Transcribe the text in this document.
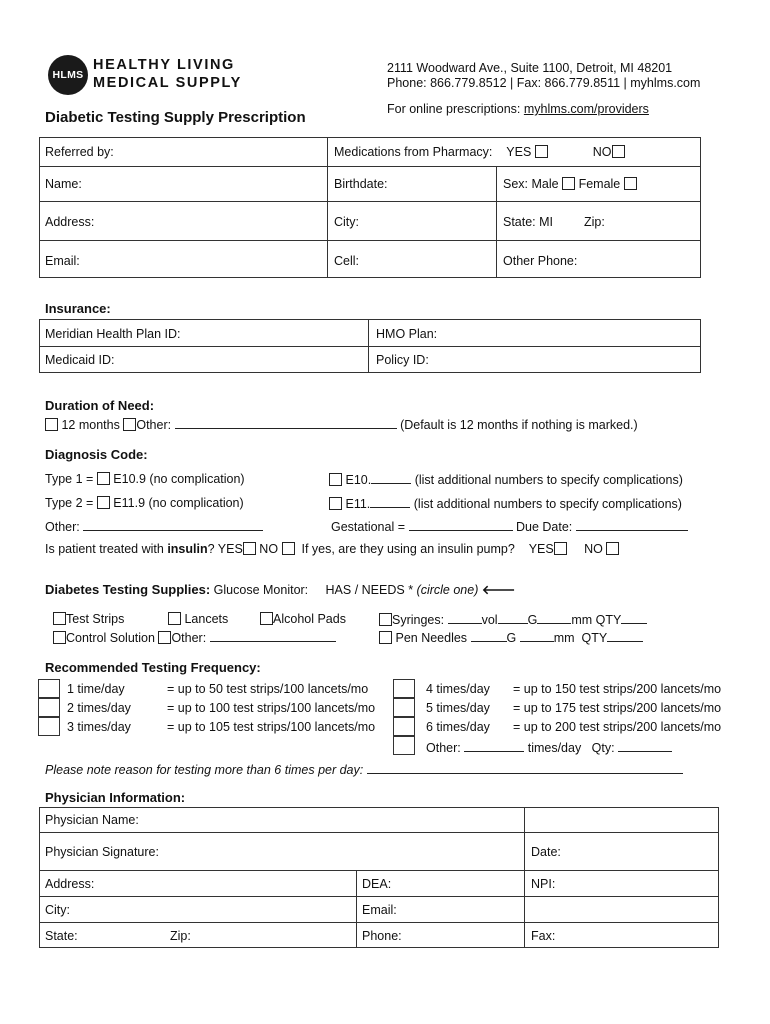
HLMS
HEALTHY LIVING
MEDICAL SUPPLY
2111 Woodward Ave., Suite 1100, Detroit, MI 48201
Phone: 866.779.8512 | Fax: 866.779.8511 | myhlms.com
For online prescriptions: myhlms.com/providers
Diabetic Testing Supply Prescription
Referred by:	Medications from Pharmacy: YES	NO
Name:	Birthdate:	Sex: Male Female
Address:	City:	State: MI Zip:
Email:	Cell:	Other Phone:
Insurance:
Meridian Health Plan ID:	HMO Plan:
Medicaid ID:	Policy ID:
Duration of Need:
12 months Other:	(Default is 12 months if nothing is marked.)
Diagnosis Code:
Type 1 = E10.9 (no complication)	E10.	(list additional numbers to specify complications)
Type 2 = E11.9 (no complication)	E11.	(list additional numbers to specify complications)
Other:	Gestational =	Due Date:
Is patient treated with insulin? YES NO If yes, are they using an insulin pump? YES NO
Diabetes Testing Supplies: Glucose Monitor: HAS / NEEDS * (circle one) 🡐
Test Strips	Lancets	Alcohol Pads	Syringes:	vol G	mm QTY
Control Solution Other:	Pen Needles	G	mm QTY
Recommended Testing Frequency:
1 time/day	= up to 50 test strips/100 lancets/mo
2 times/day	= up to 100 test strips/100 lancets/mo
3 times/day	= up to 105 test strips/100 lancets/mo
4 times/day = up to 150 test strips/200 lancets/mo
5 times/day = up to 175 test strips/200 lancets/mo
6 times/day = up to 200 test strips/200 lancets/mo
Other:	times/day Qty:
Please note reason for testing more than 6 times per day:
Physician Information:
Physician Name:
Physician Signature:	Date:
Address:	DEA:	NPI:
City:	Email:
State:	Zip:	Phone:	Fax:
